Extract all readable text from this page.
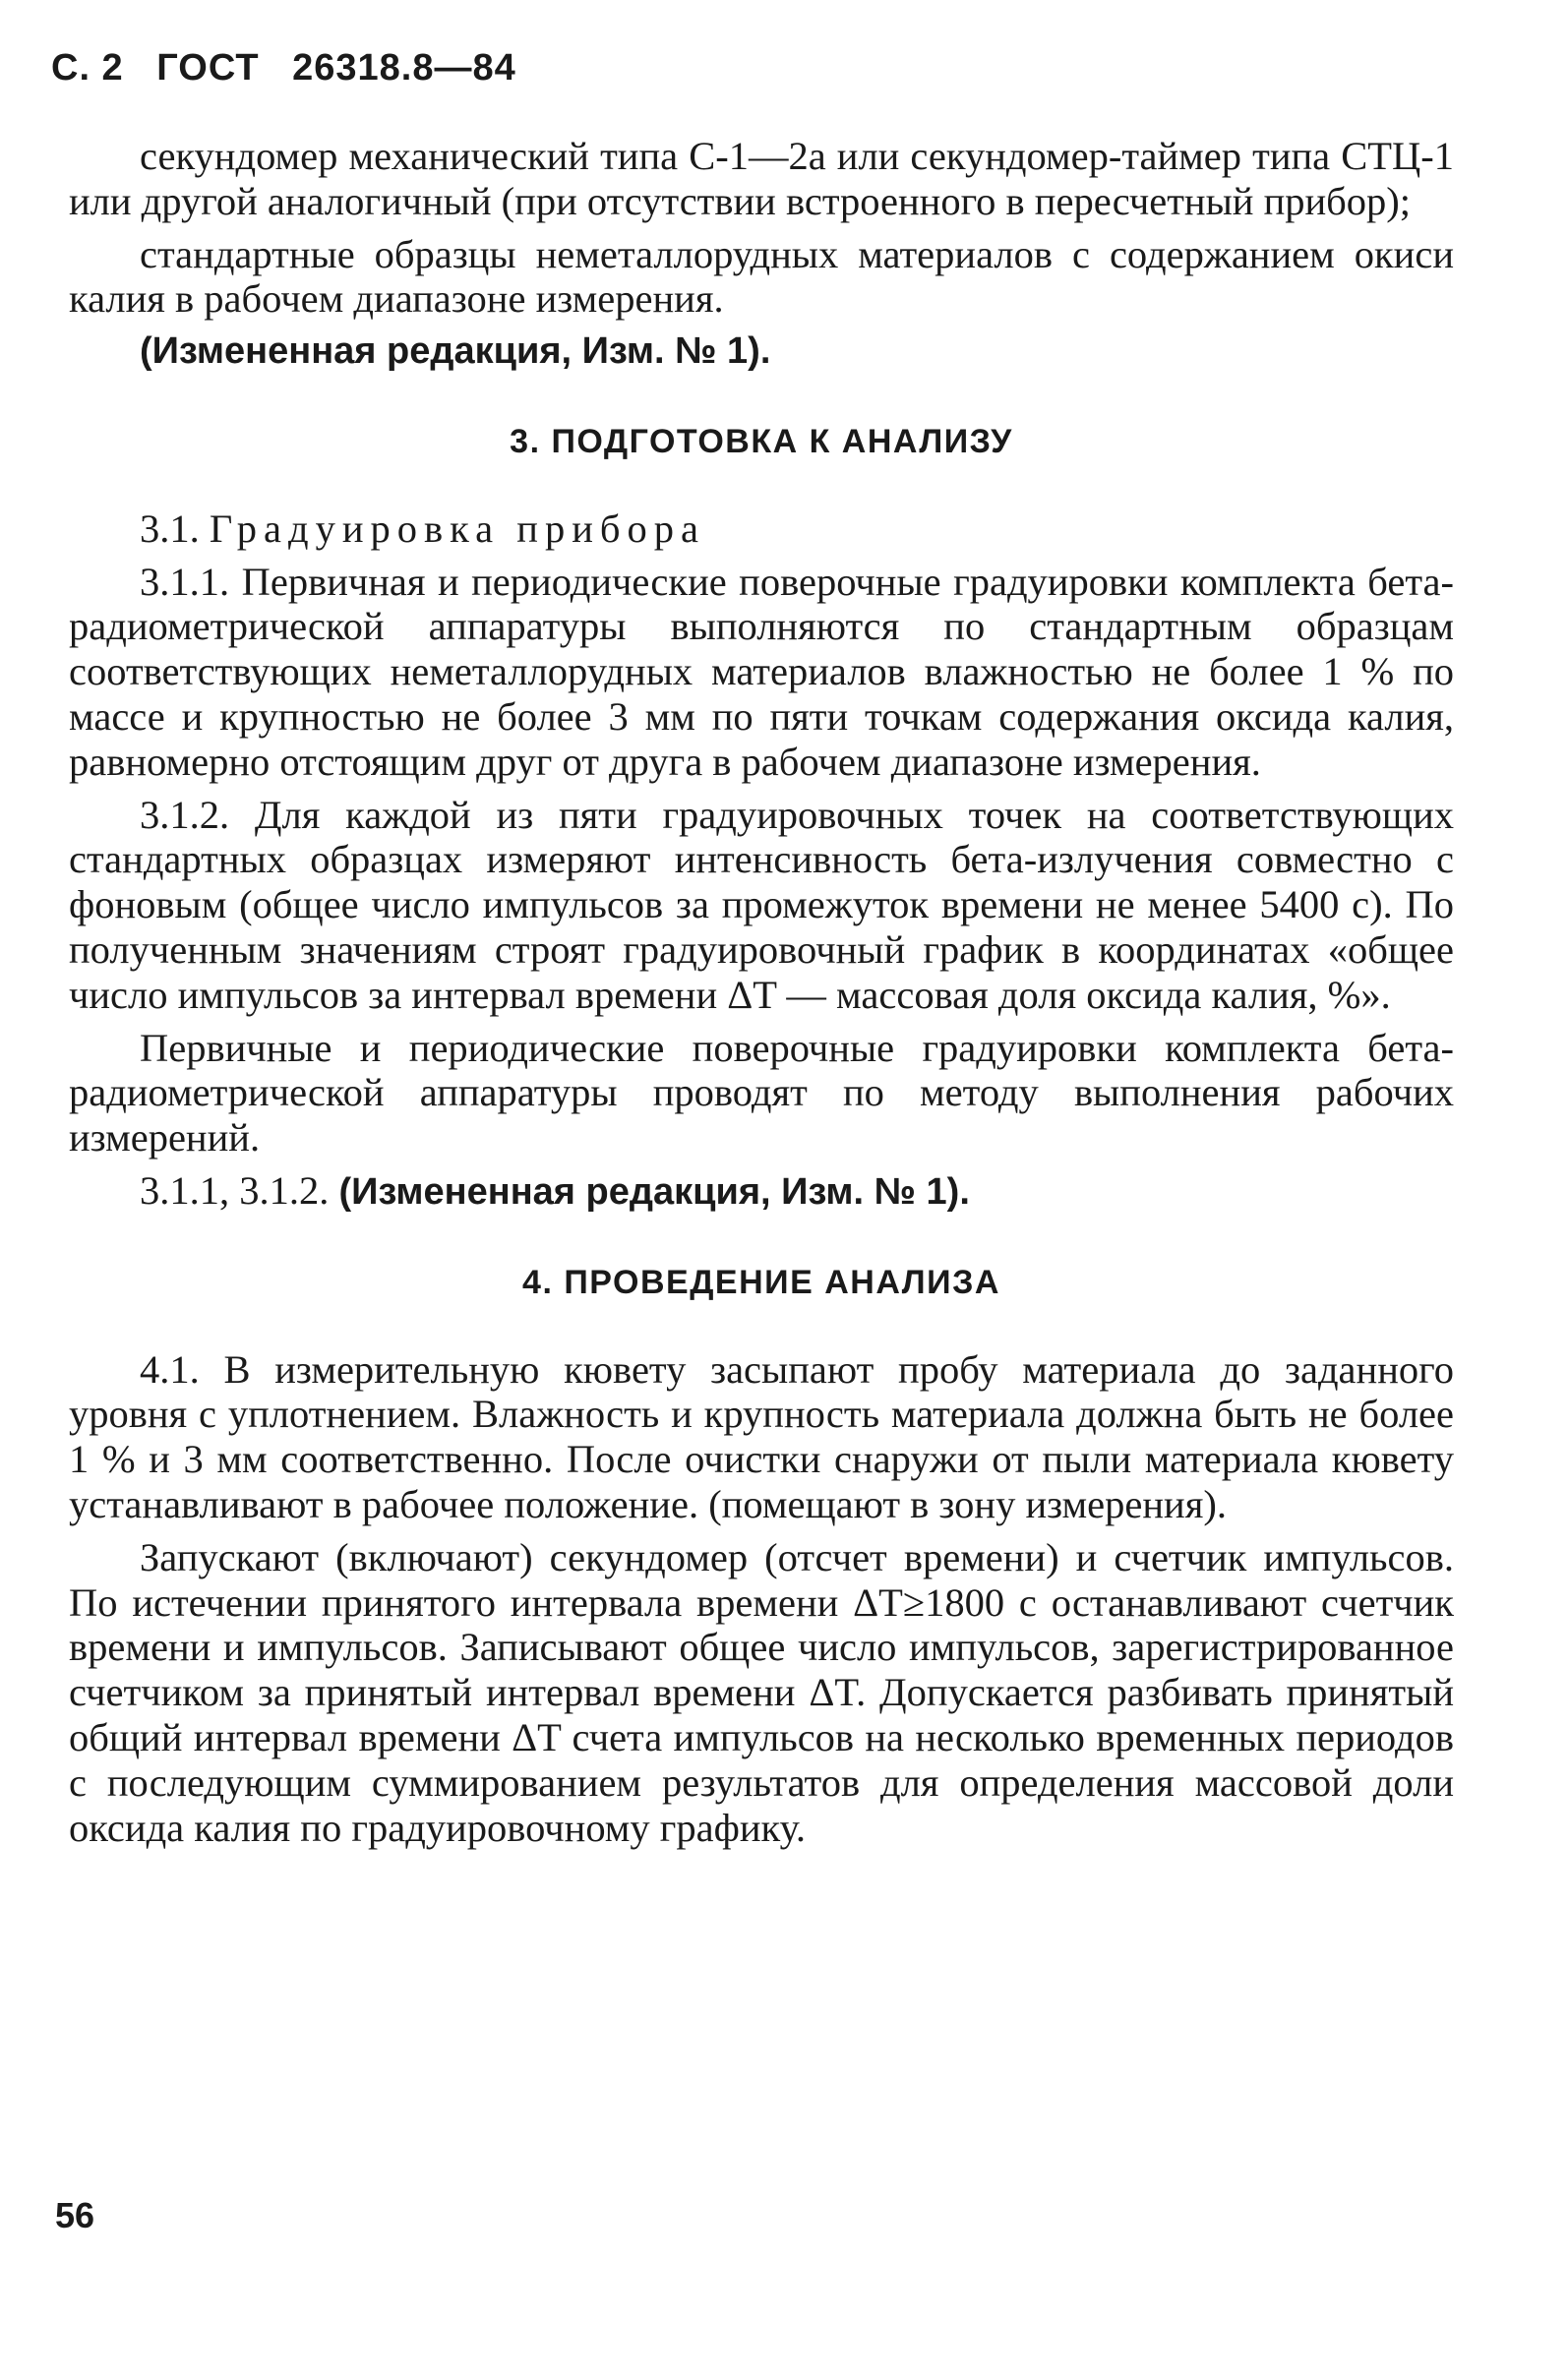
С. 2 ГОСТ 26318.8—84

секундомер механический типа С-1—2а или секундомер-таймер типа СТЦ-1 или другой аналогичный (при отсутствии встроенного в пересчетный прибор);

стандартные образцы неметаллорудных материалов с содержанием окиси калия в рабочем диапазоне измерения.

(Измененная редакция, Изм. № 1).

3. ПОДГОТОВКА К АНАЛИЗУ

3.1. Градуировка прибора

3.1.1. Первичная и периодические поверочные градуировки комплекта бета-радиометрической аппаратуры выполняются по стандартным образцам соответствующих неметаллорудных материалов влажностью не более 1 % по массе и крупностью не более 3 мм по пяти точкам содержания оксида калия, равномерно отстоящим друг от друга в рабочем диапазоне измерения.

3.1.2. Для каждой из пяти градуировочных точек на соответствующих стандартных образцах измеряют интенсивность бета-излучения совместно с фоновым (общее число импульсов за промежуток времени не менее 5400 с). По полученным значениям строят градуировочный график в координатах «общее число импульсов за интервал времени ΔT — массовая доля оксида калия, %».

Первичные и периодические поверочные градуировки комплекта бета-радиометрической аппаратуры проводят по методу выполнения рабочих измерений.

3.1.1, 3.1.2. (Измененная редакция, Изм. № 1).

4. ПРОВЕДЕНИЕ АНАЛИЗА

4.1. В измерительную кювету засыпают пробу материала до заданного уровня с уплотнением. Влажность и крупность материала должна быть не более 1 % и 3 мм соответственно. После очистки снаружи от пыли материала кювету устанавливают в рабочее положение. (помещают в зону измерения).

Запускают (включают) секундомер (отсчет времени) и счетчик импульсов. По истечении принятого интервала времени ΔT≥1800 с останавливают счетчик времени и импульсов. Записывают общее число импульсов, зарегистрированное счетчиком за принятый интервал времени ΔT. Допускается разбивать принятый общий интервал времени ΔT счета импульсов на несколько временных периодов с последующим суммированием результатов для определения массовой доли оксида калия по градуировочному графику.

56
